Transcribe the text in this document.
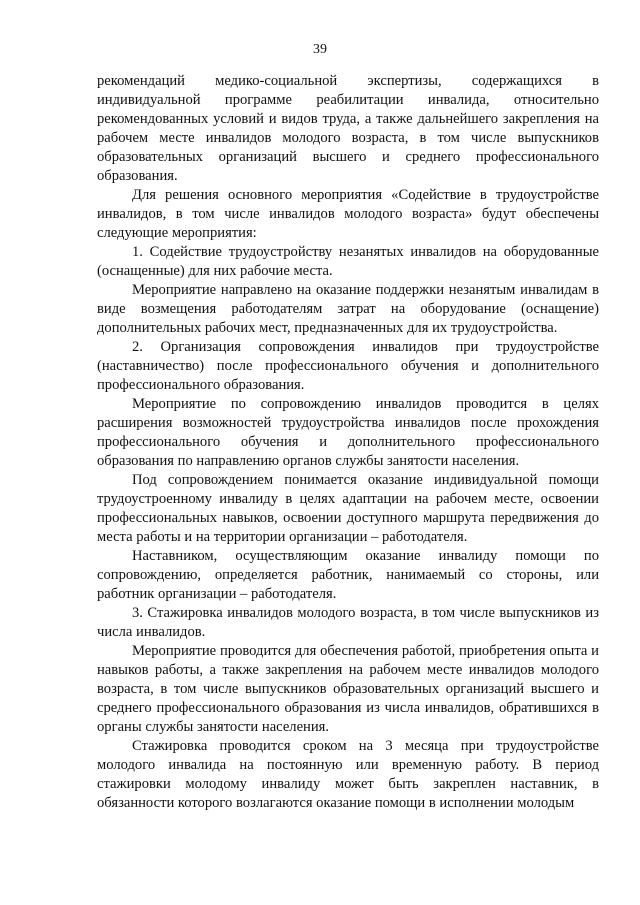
39

рекомендаций медико-социальной экспертизы, содержащихся в индивидуальной программе реабилитации инвалида, относительно рекомендованных условий и видов труда, а также дальнейшего закрепления на рабочем месте инвалидов молодого возраста, в том числе выпускников образовательных организаций высшего и среднего профессионального образования.

Для решения основного мероприятия «Содействие в трудоустройстве инвалидов, в том числе инвалидов молодого возраста» будут обеспечены следующие мероприятия:

1. Содействие трудоустройству незанятых инвалидов на оборудованные (оснащенные) для них рабочие места.

Мероприятие направлено на оказание поддержки незанятым инвалидам в виде возмещения работодателям затрат на оборудование (оснащение) дополнительных рабочих мест, предназначенных для их трудоустройства.

2. Организация сопровождения инвалидов при трудоустройстве (наставничество) после профессионального обучения и дополнительного профессионального образования.

Мероприятие по сопровождению инвалидов проводится в целях расширения возможностей трудоустройства инвалидов после прохождения профессионального обучения и дополнительного профессионального образования по направлению органов службы занятости населения.

Под сопровождением понимается оказание индивидуальной помощи трудоустроенному инвалиду в целях адаптации на рабочем месте, освоении профессиональных навыков, освоении доступного маршрута передвижения до места работы и на территории организации – работодателя.

Наставником, осуществляющим оказание инвалиду помощи по сопровождению, определяется работник, нанимаемый со стороны, или работник организации – работодателя.

3. Стажировка инвалидов молодого возраста, в том числе выпускников из числа инвалидов.

Мероприятие проводится для обеспечения работой, приобретения опыта и навыков работы, а также закрепления на рабочем месте инвалидов молодого возраста, в том числе выпускников образовательных организаций высшего и среднего профессионального образования из числа инвалидов, обратившихся в органы службы занятости населения.

Стажировка проводится сроком на 3 месяца при трудоустройстве молодого инвалида на постоянную или временную работу. В период стажировки молодому инвалиду может быть закреплен наставник, в обязанности которого возлагаются оказание помощи в исполнении молодым
